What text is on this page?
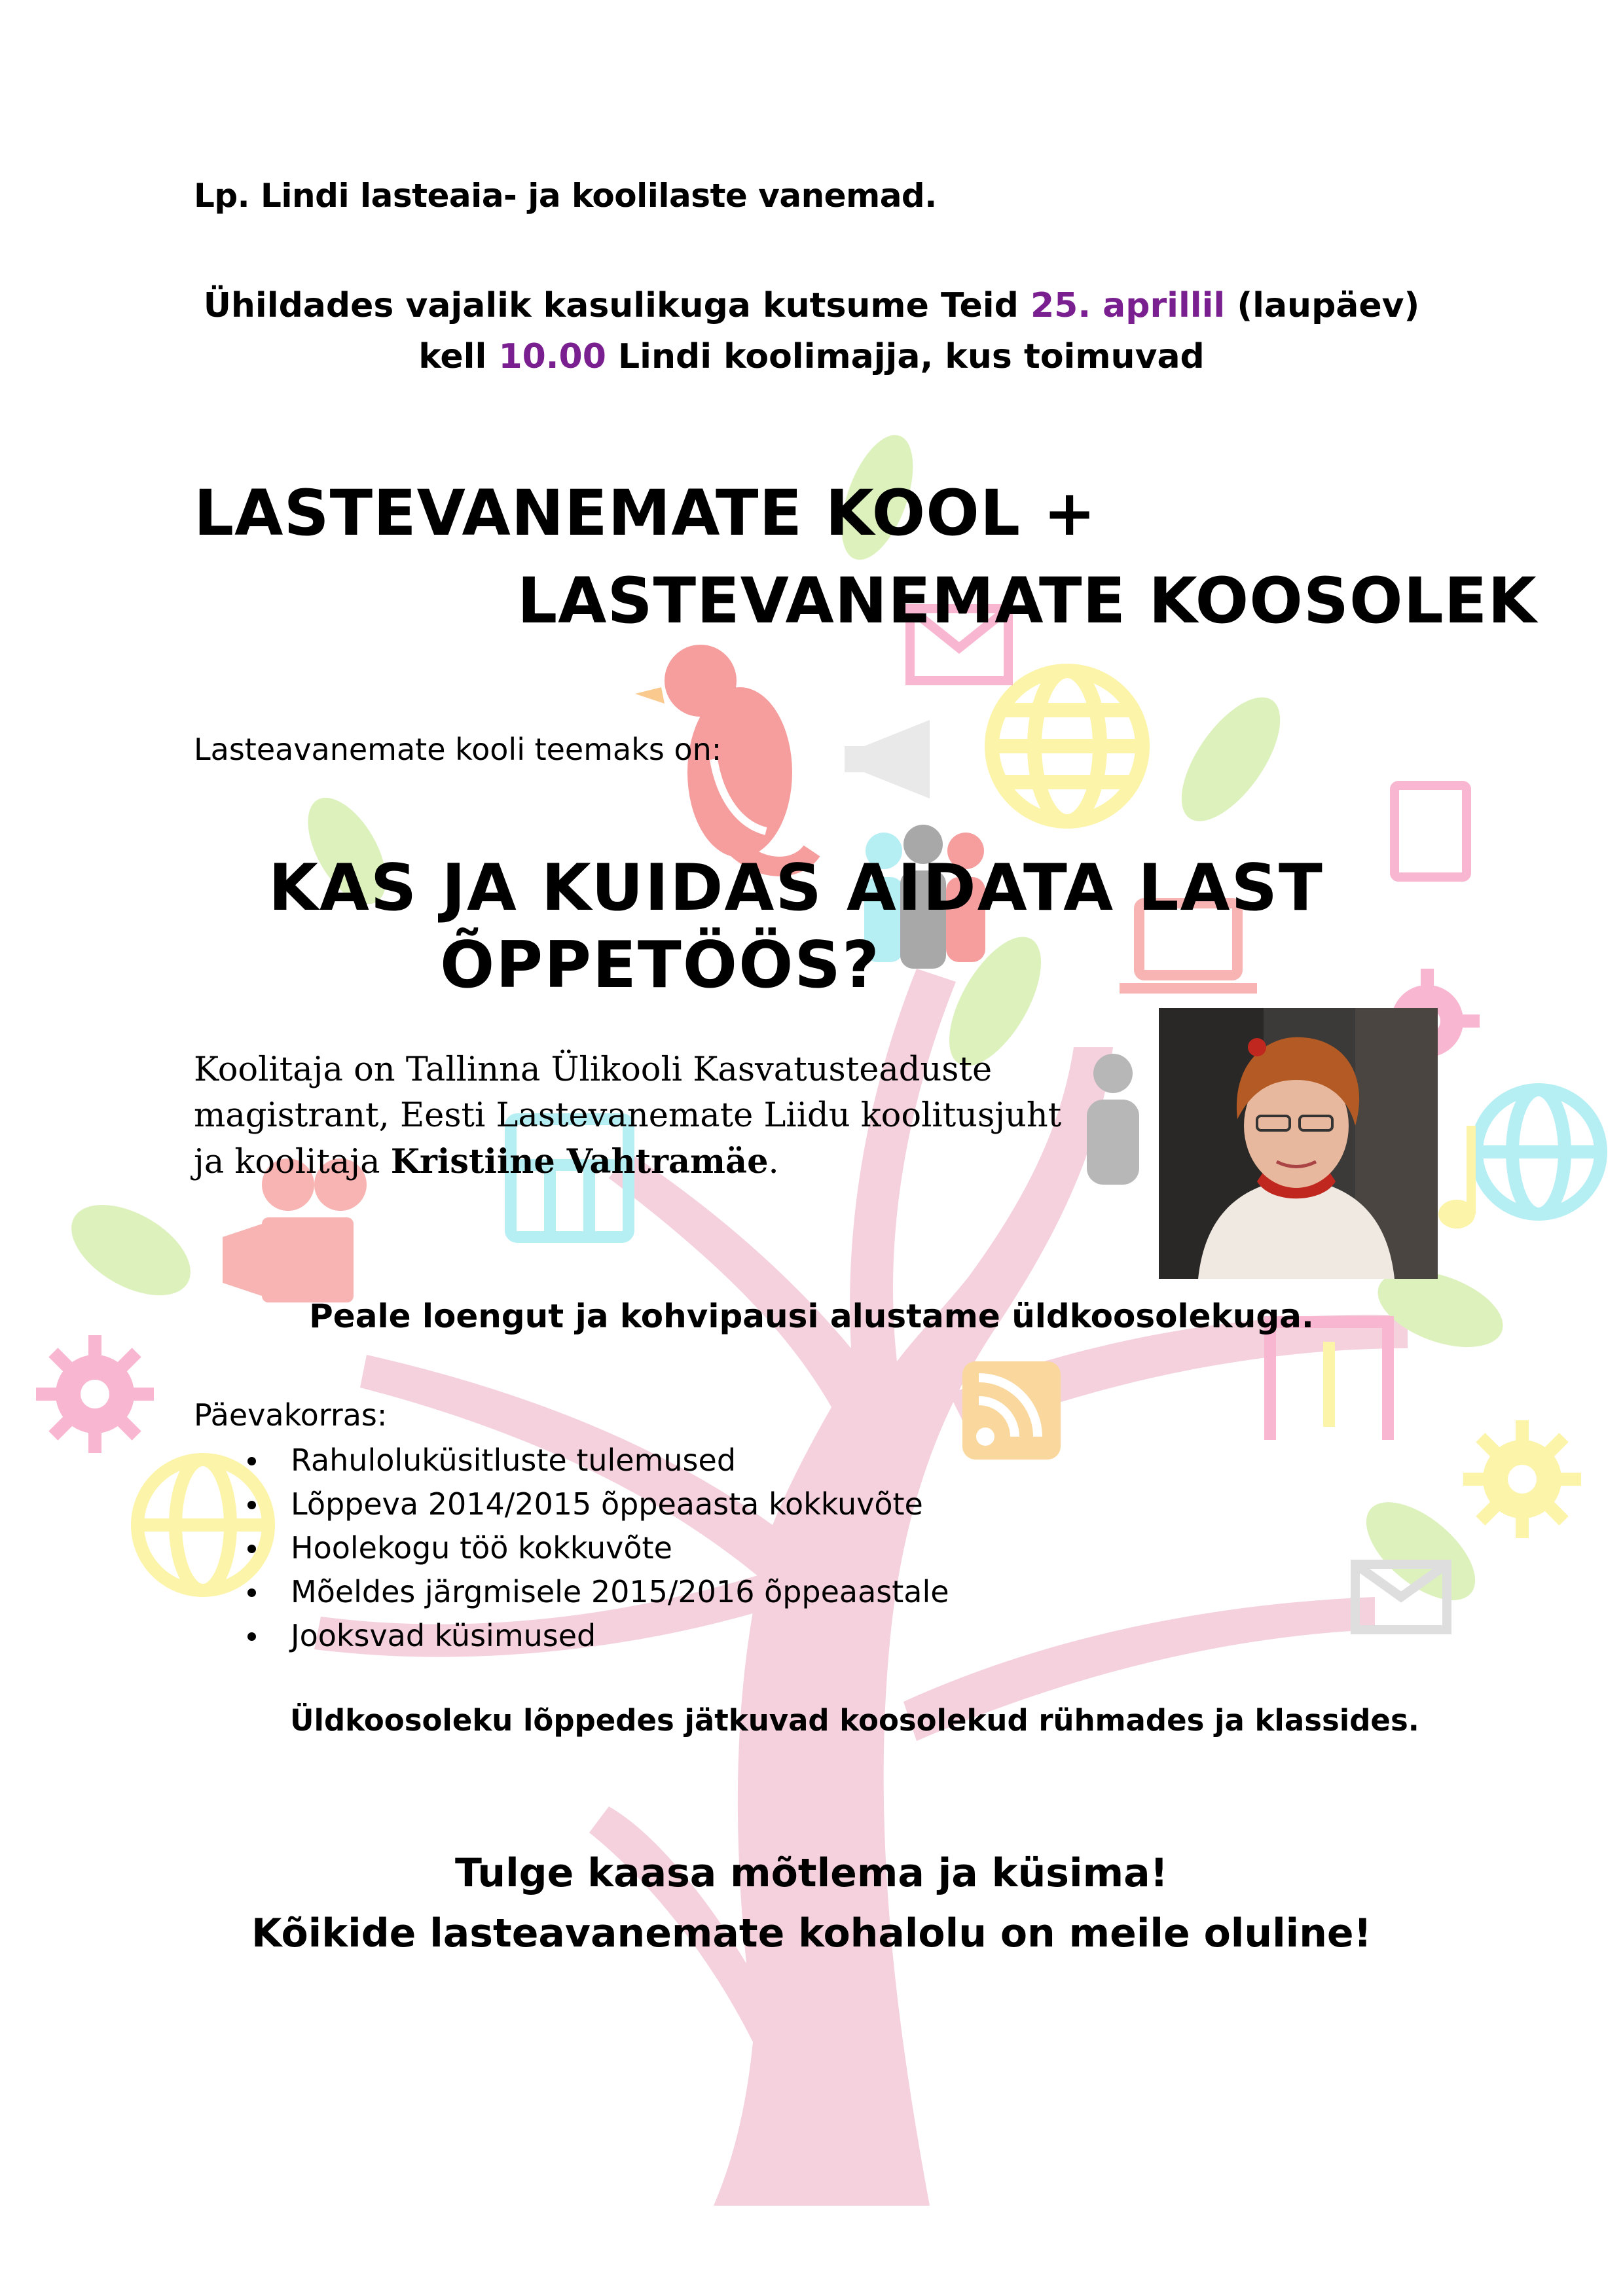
Lp. Lindi lasteaia- ja koolilaste vanemad.
Ühildades vajalik kasulikuga kutsume Teid 25. aprillil (laupäev)
kell 10.00 Lindi koolimajja, kus toimuvad
LASTEVANEMATE KOOL +
LASTEVANEMATE KOOSOLEK
Lasteavanemate kooli teemaks on:
KAS JA KUIDAS AIDATA LAST
ÕPPETÖÖS?
Koolitaja on Tallinna Ülikooli Kasvatusteaduste magistrant, Eesti Lastevanemate Liidu koolitusjuht ja koolitaja Kristiine Vahtramäe.
Peale loengut ja kohvipausi alustame üldkoosolekuga.
Päevakorras:
Rahuloluküsitluste tulemused
Lõppeva 2014/2015 õppeaasta kokkuvõte
Hoolekogu töö kokkuvõte
Mõeldes järgmisele 2015/2016 õppeaastale
Jooksvad küsimused
Üldkoosoleku lõppedes jätkuvad koosolekud rühmades ja klassides.
Tulge kaasa mõtlema ja küsima!
Kõikide lasteavanemate kohalolu on meile oluline!
